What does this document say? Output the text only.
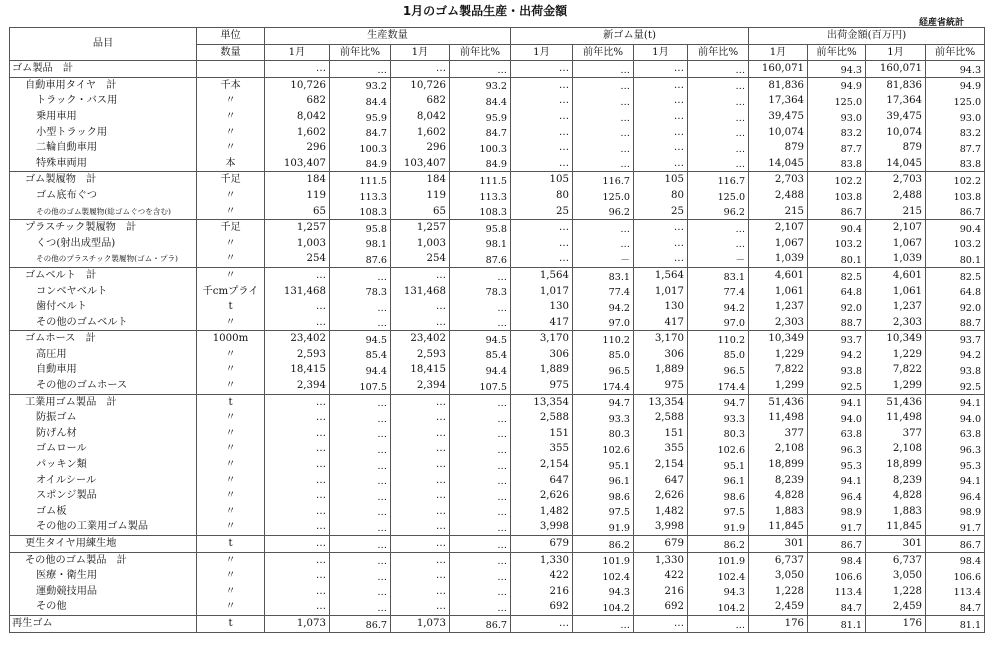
1月のゴム製品生産・出荷金額
経産省統計
品目	単位	生産数量				新ゴム量(t)				出荷金額(百万円)			
	数量	1月	前年比%	1月	前年比%	1月	前年比%	1月	前年比%	1月	前年比%	1月	前年比%
ゴム製品　計		…	…	…	…	…	…	…	…	160,071	94.3	160,071	94.3
自動車用タイヤ　計	千本	10,726	93.2	10,726	93.2	…	…	…	…	81,836	94.9	81,836	94.9
トラック・バス用	〃	682	84.4	682	84.4	…	…	…	…	17,364	125.0	17,364	125.0
乗用車用	〃	8,042	95.9	8,042	95.9	…	…	…	…	39,475	93.0	39,475	93.0
小型トラック用	〃	1,602	84.7	1,602	84.7	…	…	…	…	10,074	83.2	10,074	83.2
二輪自動車用	〃	296	100.3	296	100.3	…	…	…	…	879	87.7	879	87.7
特殊車両用	本	103,407	84.9	103,407	84.9	…	…	…	…	14,045	83.8	14,045	83.8
ゴム製履物　計	千足	184	111.5	184	111.5	105	116.7	105	116.7	2,703	102.2	2,703	102.2
ゴム底布ぐつ	〃	119	113.3	119	113.3	80	125.0	80	125.0	2,488	103.8	2,488	103.8
その他のゴム製履物(総ゴムぐつを含む)	〃	65	108.3	65	108.3	25	96.2	25	96.2	215	86.7	215	86.7
プラスチック製履物　計	千足	1,257	95.8	1,257	95.8	…	…	…	…	2,107	90.4	2,107	90.4
くつ(射出成型品)	〃	1,003	98.1	1,003	98.1	…	…	…	…	1,067	103.2	1,067	103.2
その他のプラスチック製履物(ゴム・プラ)	〃	254	87.6	254	87.6	…	－	…	－	1,039	80.1	1,039	80.1
ゴムベルト　計	〃	…	…	…	…	1,564	83.1	1,564	83.1	4,601	82.5	4,601	82.5
コンベヤベルト	千cmプライ	131,468	78.3	131,468	78.3	1,017	77.4	1,017	77.4	1,061	64.8	1,061	64.8
歯付ベルト	t	…	…	…	…	130	94.2	130	94.2	1,237	92.0	1,237	92.0
その他のゴムベルト	〃	…	…	…	…	417	97.0	417	97.0	2,303	88.7	2,303	88.7
ゴムホース　計	1000m	23,402	94.5	23,402	94.5	3,170	110.2	3,170	110.2	10,349	93.7	10,349	93.7
高圧用	〃	2,593	85.4	2,593	85.4	306	85.0	306	85.0	1,229	94.2	1,229	94.2
自動車用	〃	18,415	94.4	18,415	94.4	1,889	96.5	1,889	96.5	7,822	93.8	7,822	93.8
その他のゴムホース	〃	2,394	107.5	2,394	107.5	975	174.4	975	174.4	1,299	92.5	1,299	92.5
工業用ゴム製品　計	t	…	…	…	…	13,354	94.7	13,354	94.7	51,436	94.1	51,436	94.1
防振ゴム	〃	…	…	…	…	2,588	93.3	2,588	93.3	11,498	94.0	11,498	94.0
防げん材	〃	…	…	…	…	151	80.3	151	80.3	377	63.8	377	63.8
ゴムロール	〃	…	…	…	…	355	102.6	355	102.6	2,108	96.3	2,108	96.3
パッキン類	〃	…	…	…	…	2,154	95.1	2,154	95.1	18,899	95.3	18,899	95.3
オイルシール	〃	…	…	…	…	647	96.1	647	96.1	8,239	94.1	8,239	94.1
スポンジ製品	〃	…	…	…	…	2,626	98.6	2,626	98.6	4,828	96.4	4,828	96.4
ゴム板	〃	…	…	…	…	1,482	97.5	1,482	97.5	1,883	98.9	1,883	98.9
その他の工業用ゴム製品	〃	…	…	…	…	3,998	91.9	3,998	91.9	11,845	91.7	11,845	91.7
更生タイヤ用練生地	t	…	…	…	…	679	86.2	679	86.2	301	86.7	301	86.7
その他のゴム製品　計	〃	…	…	…	…	1,330	101.9	1,330	101.9	6,737	98.4	6,737	98.4
医療・衛生用	〃	…	…	…	…	422	102.4	422	102.4	3,050	106.6	3,050	106.6
運動競技用品	〃	…	…	…	…	216	94.3	216	94.3	1,228	113.4	1,228	113.4
その他	〃	…	…	…	…	692	104.2	692	104.2	2,459	84.7	2,459	84.7
再生ゴム	t	1,073	86.7	1,073	86.7	…	…	…	…	176	81.1	176	81.1
